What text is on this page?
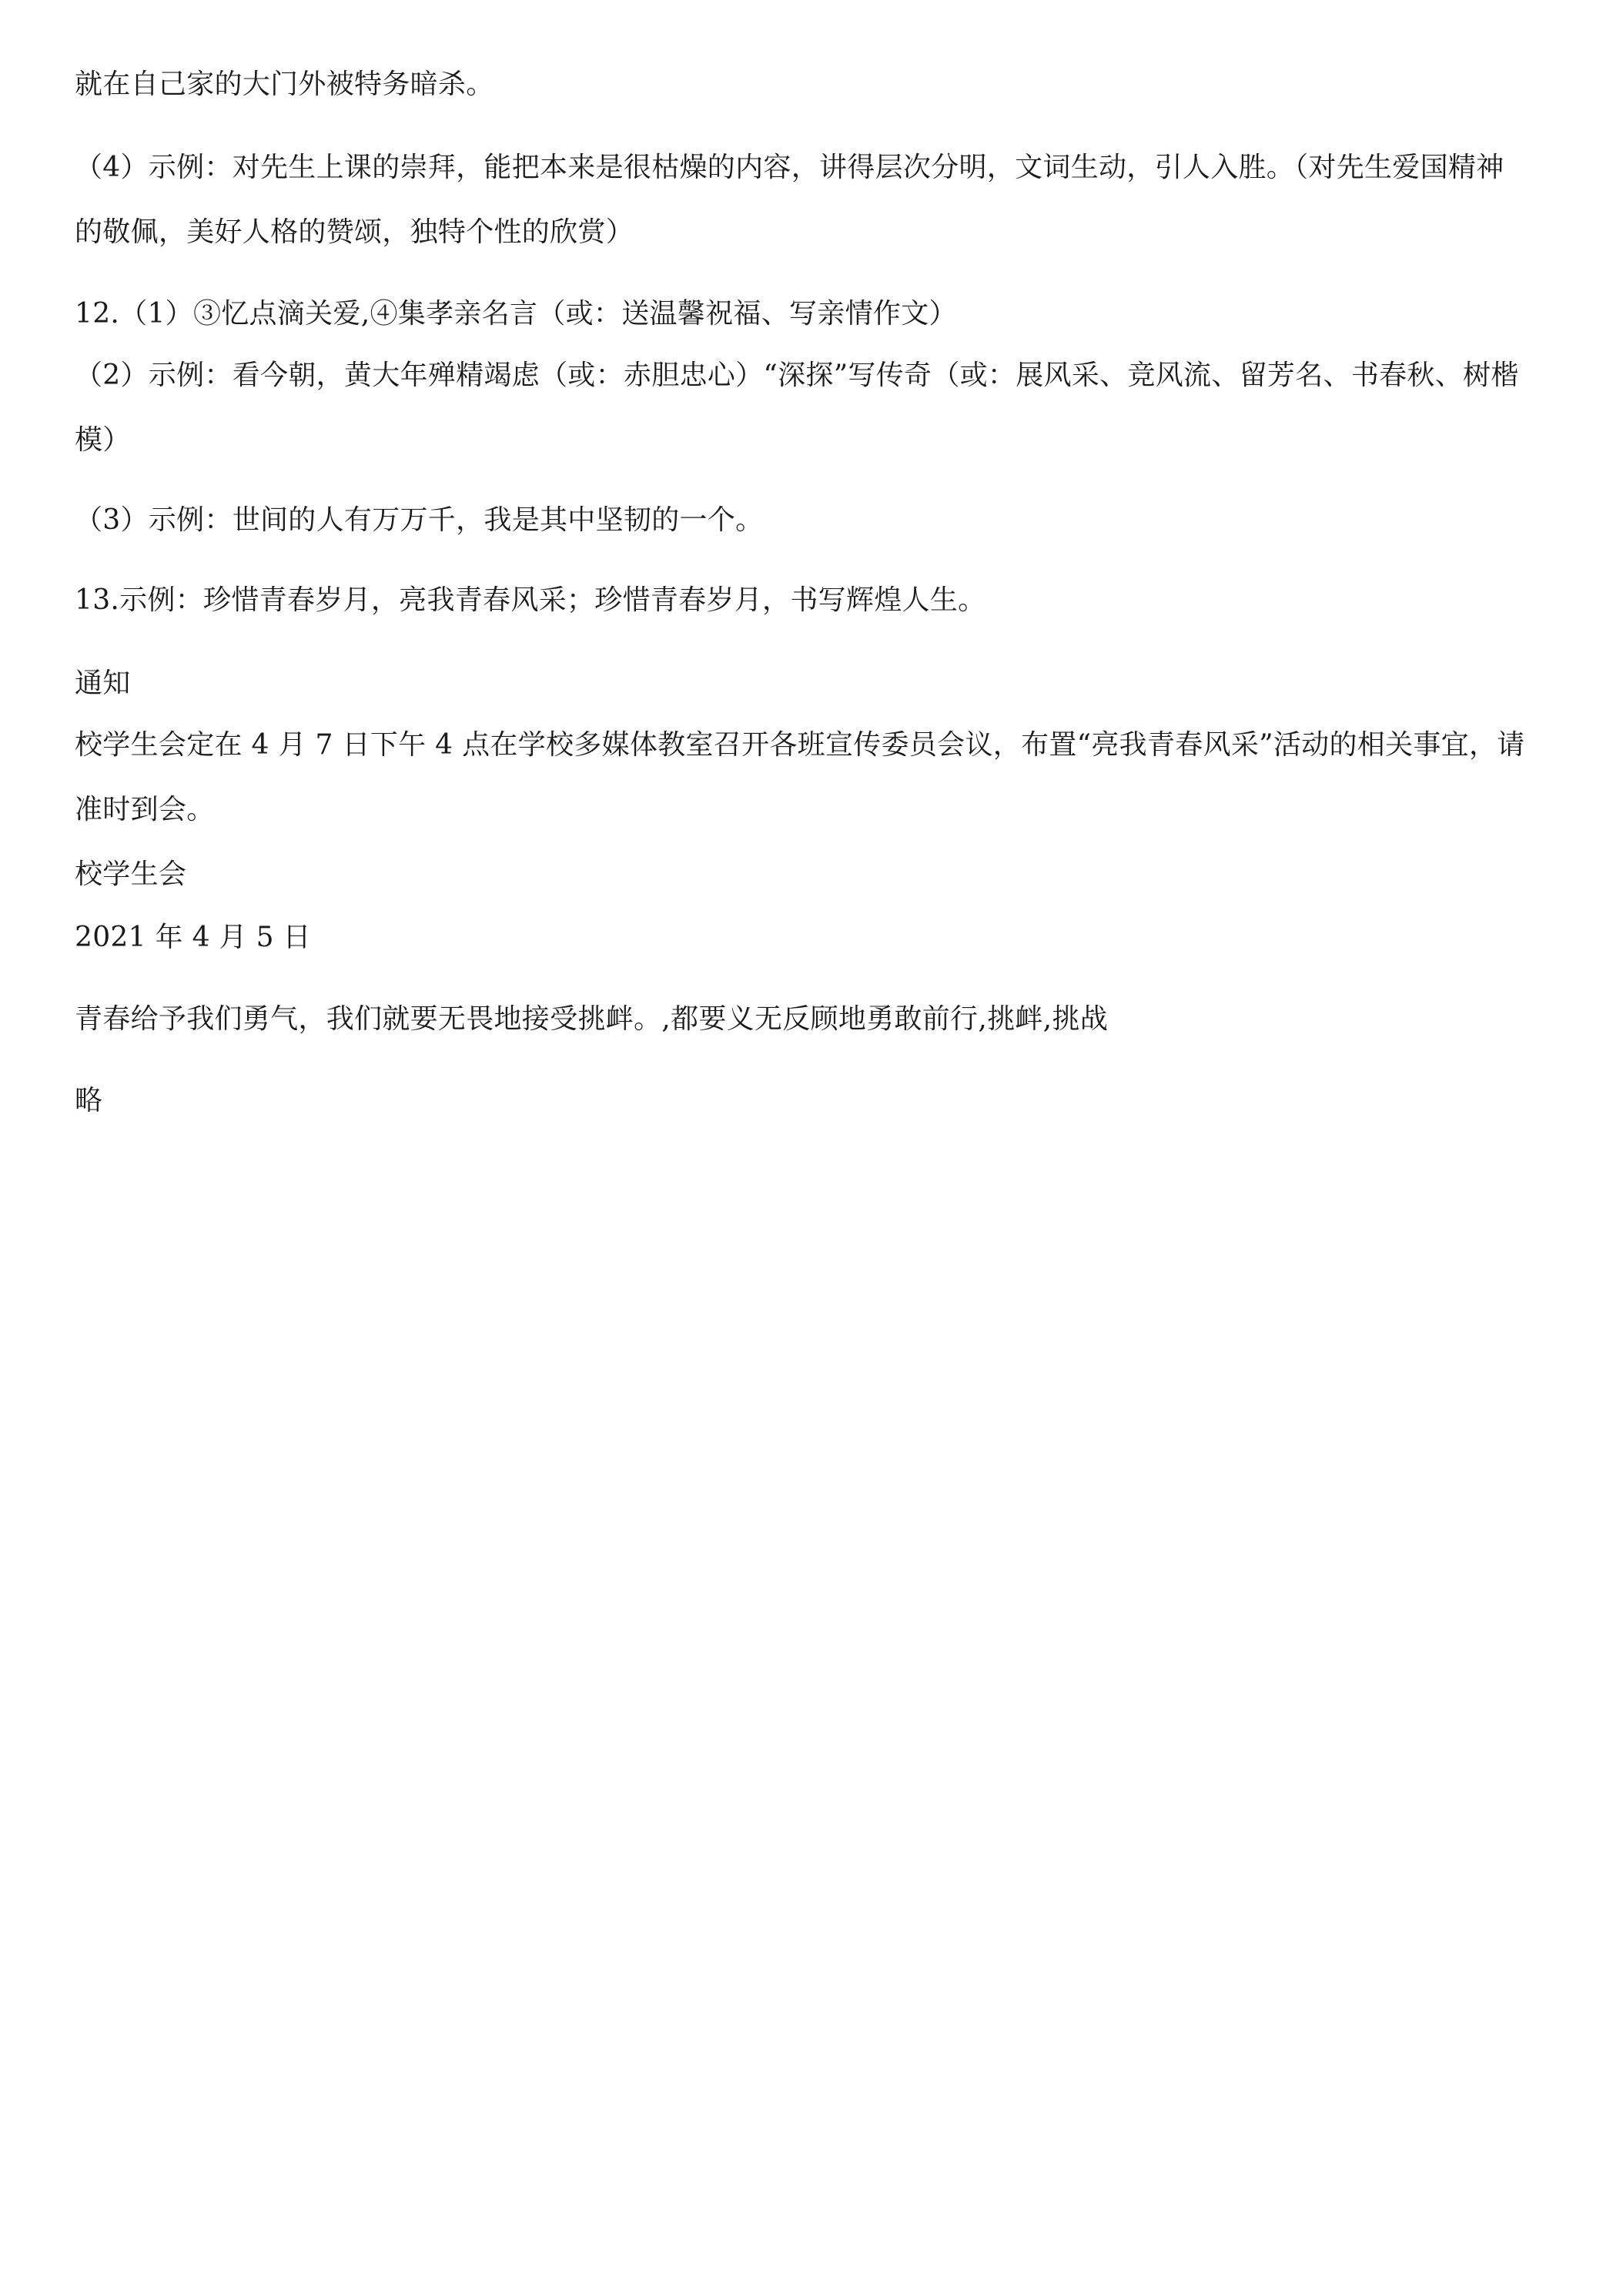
就在自己家的大门外被特务暗杀。
（4）示例：对先生上课的崇拜，能把本来是很枯燥的内容，讲得层次分明，文词生动，引人入胜。（对先生爱国精神
的敬佩，美好人格的赞颂，独特个性的欣赏）
12.（1）③忆点滴关爱,④集孝亲名言（或：送温馨祝福、写亲情作文）
（2）示例：看今朝，黄大年殚精竭虑（或：赤胆忠心）“深探”写传奇（或：展风采、竞风流、留芳名、书春秋、树楷
模）
（3）示例：世间的人有万万千，我是其中坚韧的一个。
13.示例：珍惜青春岁月，亮我青春风采；珍惜青春岁月，书写辉煌人生。
通知
校学生会定在 4 月 7 日下午 4 点在学校多媒体教室召开各班宣传委员会议，布置“亮我青春风采”活动的相关事宜，请
准时到会。
校学生会
2021 年 4 月 5 日
青春给予我们勇气，我们就要无畏地接受挑衅。,都要义无反顾地勇敢前行,挑衅,挑战
略
